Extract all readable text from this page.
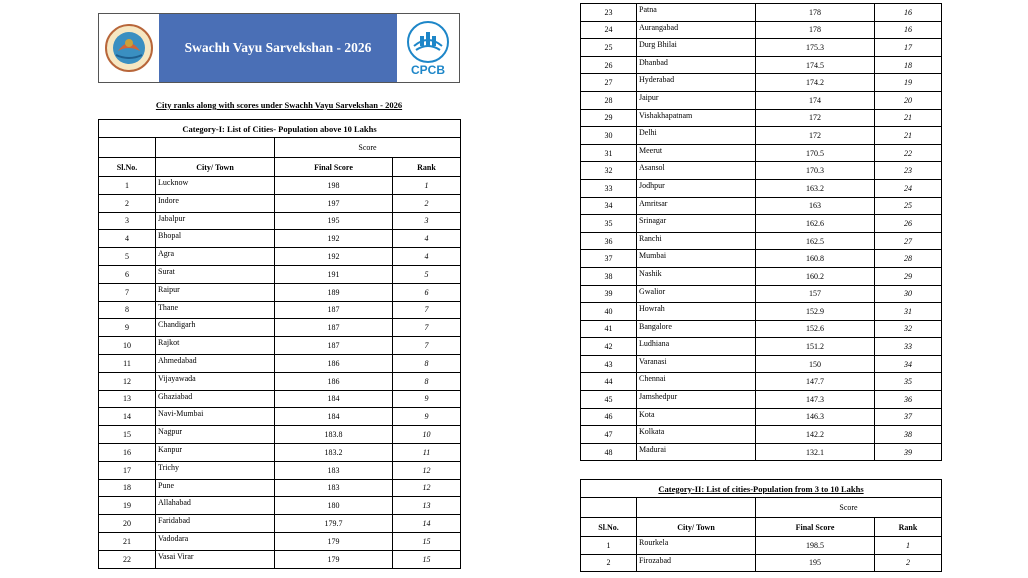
Swachh Vayu Sarvekshan - 2026
CPCB
City ranks along with scores under Swachh Vayu Sarvekshan - 2026
Category-I: List of Cities- Population above 10 Lakhs			
		Score	
Sl.No.	City/ Town	Final Score	Rank
1	Lucknow	198	1
2	Indore	197	2
3	Jabalpur	195	3
4	Bhopal	192	4
5	Agra	192	4
6	Surat	191	5
7	Raipur	189	6
8	Thane	187	7
9	Chandigarh	187	7
10	Rajkot	187	7
11	Ahmedabad	186	8
12	Vijayawada	186	8
13	Ghaziabad	184	9
14	Navi-Mumbai	184	9
15	Nagpur	183.8	10
16	Kanpur	183.2	11
17	Trichy	183	12
18	Pune	183	12
19	Allahabad	180	13
20	Faridabad	179.7	14
21	Vadodara	179	15
22	Vasai Virar	179	15
23	Patna	178	16
24	Aurangabad	178	16
25	Durg Bhilai	175.3	17
26	Dhanbad	174.5	18
27	Hyderabad	174.2	19
28	Jaipur	174	20
29	Vishakhapatnam	172	21
30	Delhi	172	21
31	Meerut	170.5	22
32	Asansol	170.3	23
33	Jodhpur	163.2	24
34	Amritsar	163	25
35	Srinagar	162.6	26
36	Ranchi	162.5	27
37	Mumbai	160.8	28
38	Nashik	160.2	29
39	Gwalior	157	30
40	Howrah	152.9	31
41	Bangalore	152.6	32
42	Ludhiana	151.2	33
43	Varanasi	150	34
44	Chennai	147.7	35
45	Jamshedpur	147.3	36
46	Kota	146.3	37
47	Kolkata	142.2	38
48	Madurai	132.1	39
Category-II: List of cities-Population from 3 to 10 Lakhs			
		Score	
Sl.No.	City/ Town	Final Score	Rank
1	Rourkela	198.5	1
2	Firozabad	195	2
